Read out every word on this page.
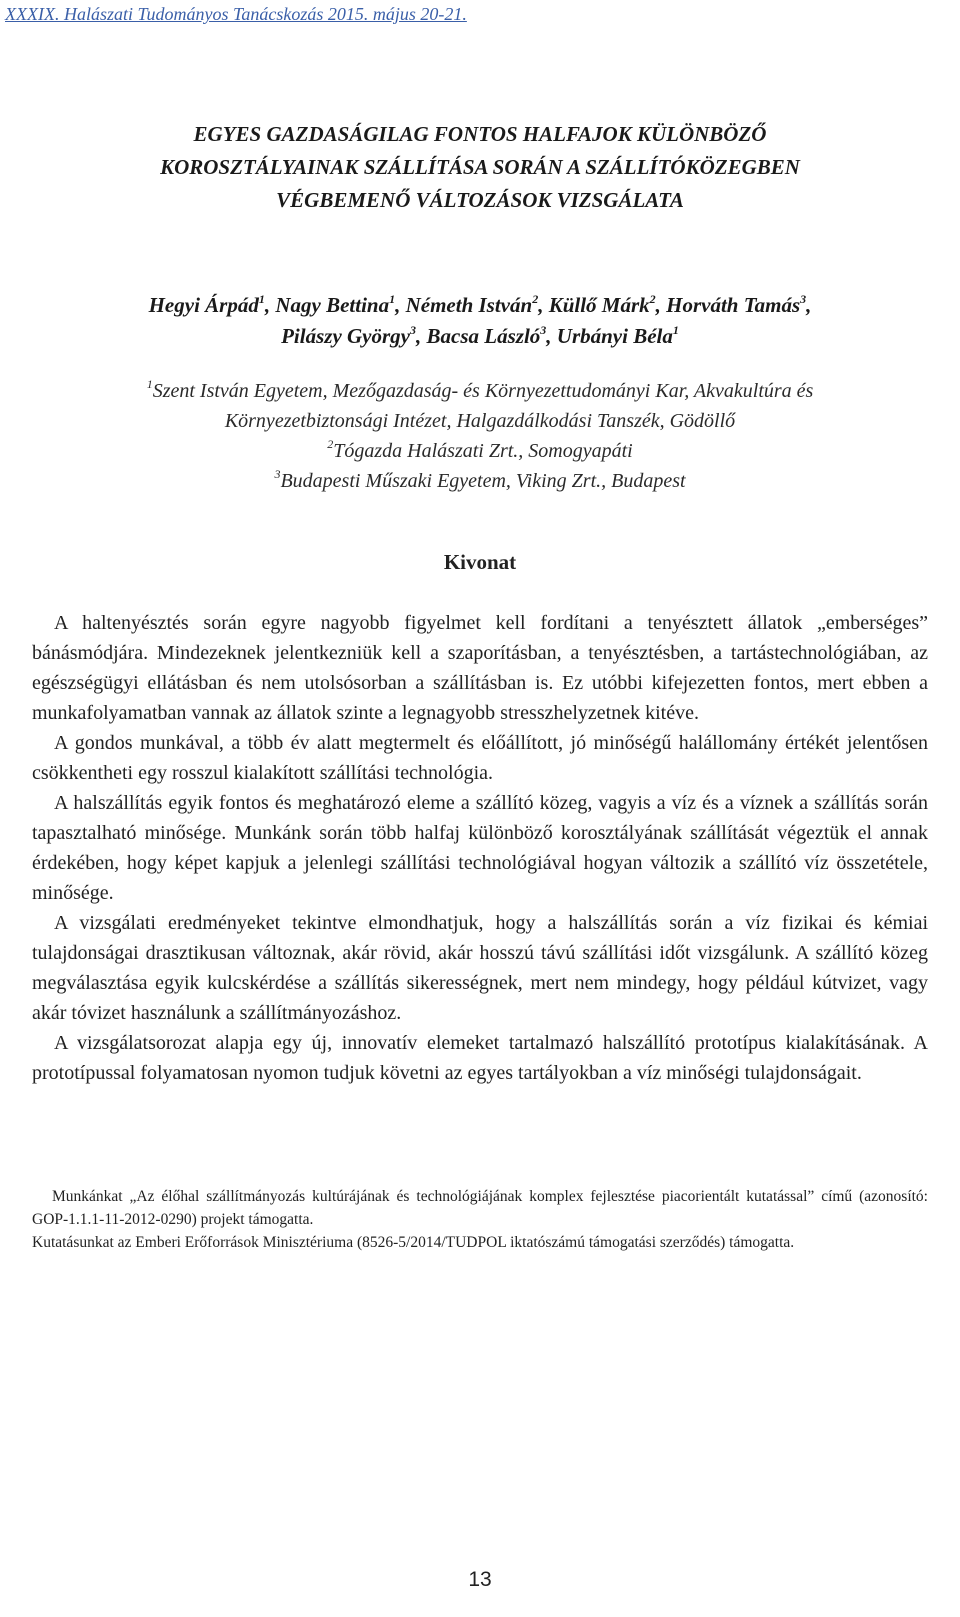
XXXIX. Halászati Tudományos Tanácskozás 2015. május 20-21.
EGYES GAZDASÁGILAG FONTOS HALFAJOK KÜLÖNBÖZŐ
KOROSZTÁLYAINAK SZÁLLÍTÁSA SORÁN A SZÁLLÍTÓKÖZEGBEN
VÉGBEMENŐ VÁLTOZÁSOK VIZSGÁLATA
Hegyi Árpád$^1$, Nagy Bettina$^1$, Németh István$^2$, Küllő Márk$^2$, Horváth Tamás$^3$,
Pilászy György$^3$, Bacsa László$^3$, Urbányi Béla$^1$
$^1$Szent István Egyetem, Mezőgazdaság- és Környezettudományi Kar, Akvakultúra és
Környezetbiztonsági Intézet, Halgazdálkodási Tanszék, Gödöllő
$^2$Tógazda Halászati Zrt., Somogyapáti
$^3$Budapesti Műszaki Egyetem, Viking Zrt., Budapest
Kivonat

A haltenyésztés során egyre nagyobb figyelmet kell fordítani a tenyésztett állatok „emberséges” bánásmódjára. Mindezeknek jelentkezniük kell a szaporításban, a tenyésztésben, a tartástechnológiában, az egészségügyi ellátásban és nem utolsósorban a szállításban is. Ez utóbbi kifejezetten fontos, mert ebben a munkafolyamatban vannak az állatok szinte a legnagyobb stresszhelyzetnek kitéve.

A gondos munkával, a több év alatt megtermelt és előállított, jó minőségű halállomány értékét jelentősen csökkentheti egy rosszul kialakított szállítási technológia.

A halszállítás egyik fontos és meghatározó eleme a szállító közeg, vagyis a víz és a víznek a szállítás során tapasztalható minősége. Munkánk során több halfaj különböző korosztályának szállítását végeztük el annak érdekében, hogy képet kapjuk a jelenlegi szállítási technológiával hogyan változik a szállító víz összetétele, minősége.

A vizsgálati eredményeket tekintve elmondhatjuk, hogy a halszállítás során a víz fizikai és kémiai tulajdonságai drasztikusan változnak, akár rövid, akár hosszú távú szállítási időt vizsgálunk. A szállító közeg megválasztása egyik kulcskérdése a szállítás sikerességnek, mert nem mindegy, hogy például kútvizet, vagy akár tóvizet használunk a szállítmányozáshoz.

A vizsgálatsorozat alapja egy új, innovatív elemeket tartalmazó halszállító prototípus kialakításának. A prototípussal folyamatosan nyomon tudjuk követni az egyes tartályokban a víz minőségi tulajdonságait.

Munkánkat „Az élőhal szállítmányozás kultúrájának és technológiájának komplex fejlesztése piacorientált kutatással” című (azonosító: GOP-1.1.1-11-2012-0290) projekt támogatta.

Kutatásunkat az Emberi Erőforrások Minisztériuma (8526-5/2014/TUDPOL iktatószámú támogatási szerződés) támogatta.

13
